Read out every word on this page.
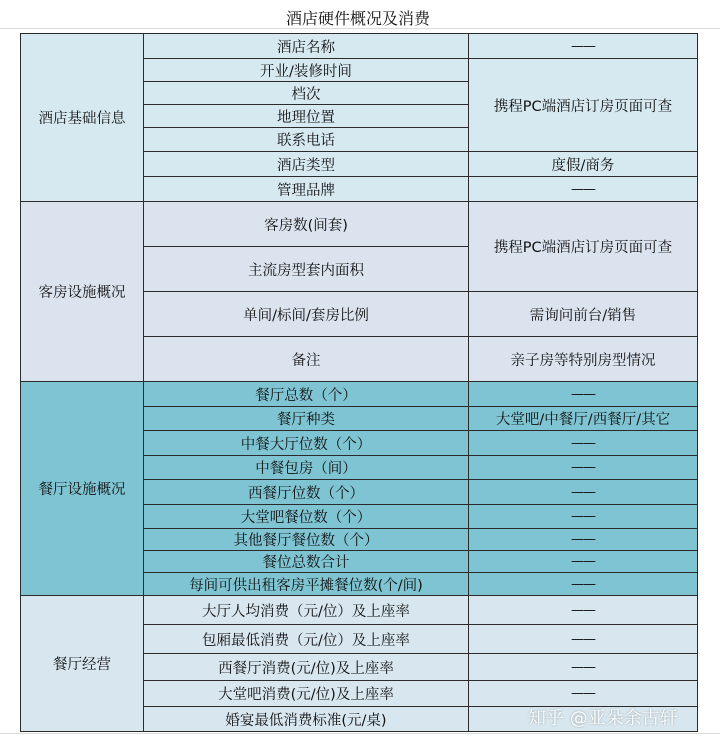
酒店硬件概况及消费
酒店基础信息	酒店名称	——
	开业/装修时间	携程PC端酒店订房页面可查
	档次	
	地理位置	
	联系电话	
	酒店类型	度假/商务
	管理品牌	——
客房设施概况	客房数(间套)	携程PC端酒店订房页面可查
	主流房型套内面积	
	单间/标间/套房比例	需询问前台/销售
	备注	亲子房等特别房型情况
餐厅设施概况	餐厅总数（个）	——
	餐厅种类	大堂吧/中餐厅/西餐厅/其它
	中餐大厅位数（个）	——
	中餐包房（间）	——
	西餐厅位数（个）	——
	大堂吧餐位数（个）	——
	其他餐厅餐位数（个）	——
	餐位总数合计	——
	每间可供出租客房平摊餐位数(个/间)	——
餐厅经营	大厅人均消费（元/位）及上座率	——
	包厢最低消费（元/位）及上座率	——
	西餐厅消费(元/位)及上座率	——
	大堂吧消费(元/位)及上座率	——
	婚宴最低消费标准(元/桌)		知乎 @亚朵余古轩
